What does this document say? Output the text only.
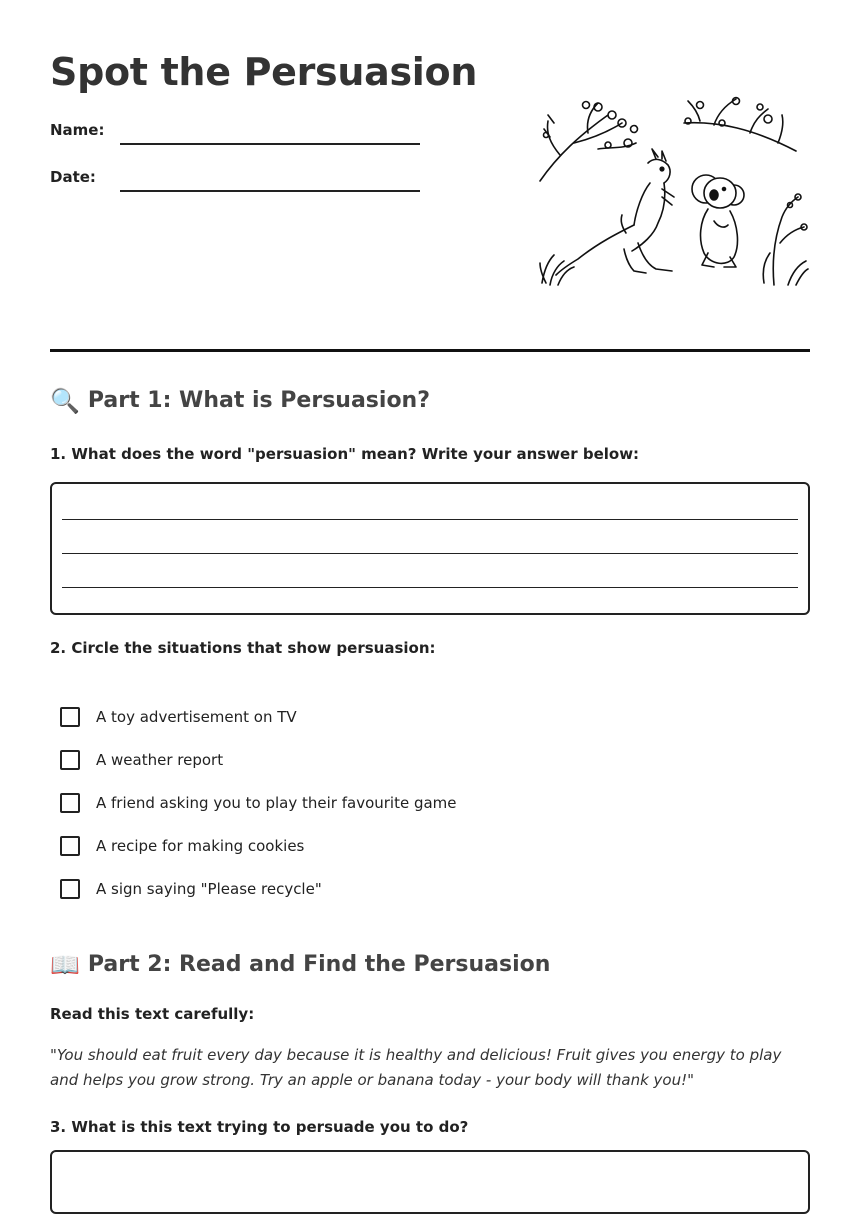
Spot the Persuasion
Name:
Date:
🔍 Part 1: What is Persuasion?

1. What does the word "persuasion" mean? Write your answer below:

2. Circle the situations that show persuasion:

A toy advertisement on TV
A weather report
A friend asking you to play their favourite game
A recipe for making cookies
A sign saying "Please recycle"
📖 Part 2: Read and Find the Persuasion

Read this text carefully:

"You should eat fruit every day because it is healthy and delicious! Fruit gives you energy to play and helps you grow strong. Try an apple or banana today - your body will thank you!"

3. What is this text trying to persuade you to do?
